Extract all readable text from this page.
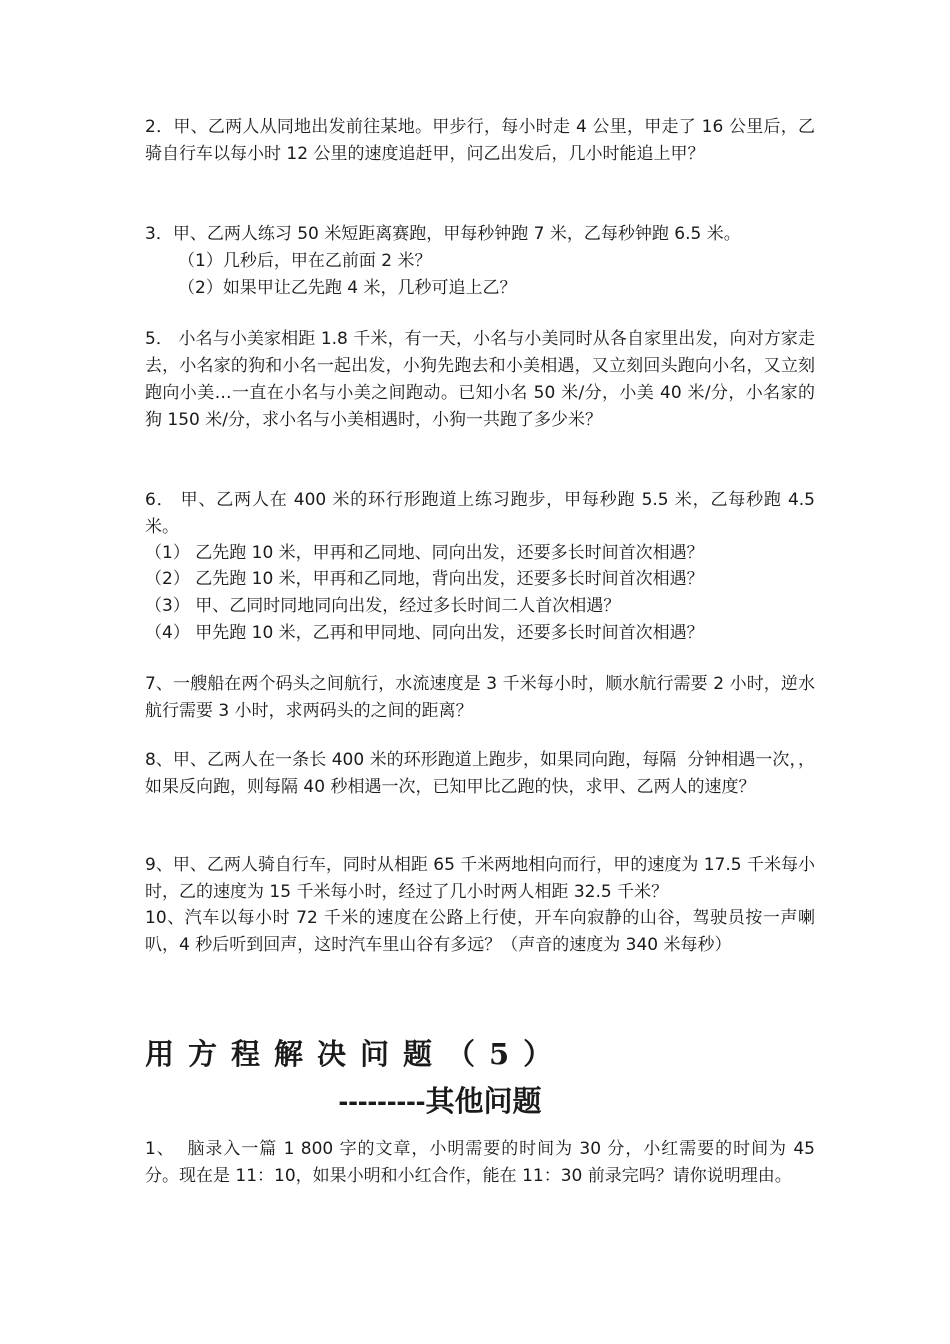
2．甲、乙两人从同地出发前往某地。甲步行，每小时走 4 公里，甲走了 16 公里后，乙骑自行车以每小时 12 公里的速度追赶甲，问乙出发后，几小时能追上甲？

3．甲、乙两人练习 50 米短距离赛跑，甲每秒钟跑 7 米，乙每秒钟跑 6.5 米。

（1）几秒后，甲在乙前面 2 米？

（2）如果甲让乙先跑 4 米，几秒可追上乙？

5． 小名与小美家相距 1.8 千米，有一天，小名与小美同时从各自家里出发，向对方家走去，小名家的狗和小名一起出发，小狗先跑去和小美相遇，又立刻回头跑向小名，又立刻跑向小美…一直在小名与小美之间跑动。已知小名 50 米/分，小美 40 米/分，小名家的狗 150 米/分，求小名与小美相遇时，小狗一共跑了多少米？

6． 甲、乙两人在 400 米的环行形跑道上练习跑步，甲每秒跑 5.5 米，乙每秒跑 4.5 米。

（1） 乙先跑 10 米，甲再和乙同地、同向出发，还要多长时间首次相遇？

（2） 乙先跑 10 米，甲再和乙同地，背向出发，还要多长时间首次相遇？

（3） 甲、乙同时同地同向出发，经过多长时间二人首次相遇？

（4） 甲先跑 10 米，乙再和甲同地、同向出发，还要多长时间首次相遇？

7、一艘船在两个码头之间航行，水流速度是 3 千米每小时，顺水航行需要 2 小时，逆水航行需要 3 小时，求两码头的之间的距离？

8、甲、乙两人在一条长 400 米的环形跑道上跑步，如果同向跑，每隔  分钟相遇一次，，如果反向跑，则每隔 40 秒相遇一次，已知甲比乙跑的快，求甲、乙两人的速度？

9、甲、乙两人骑自行车，同时从相距 65 千米两地相向而行，甲的速度为 17.5 千米每小时，乙的速度为 15 千米每小时，经过了几小时两人相距 32.5 千米？

10、汽车以每小时 72 千米的速度在公路上行使，开车向寂静的山谷，驾驶员按一声喇叭，4 秒后听到回声，这时汽车里山谷有多远？（声音的速度为 340 米每秒）

用方程解决问题（5）
---------其他问题

1、  脑录入一篇 1 800 字的文章，小明需要的时间为 30 分，小红需要的时间为 45 分。现在是 11：10，如果小明和小红合作，能在 11：30 前录完吗？请你说明理由。
